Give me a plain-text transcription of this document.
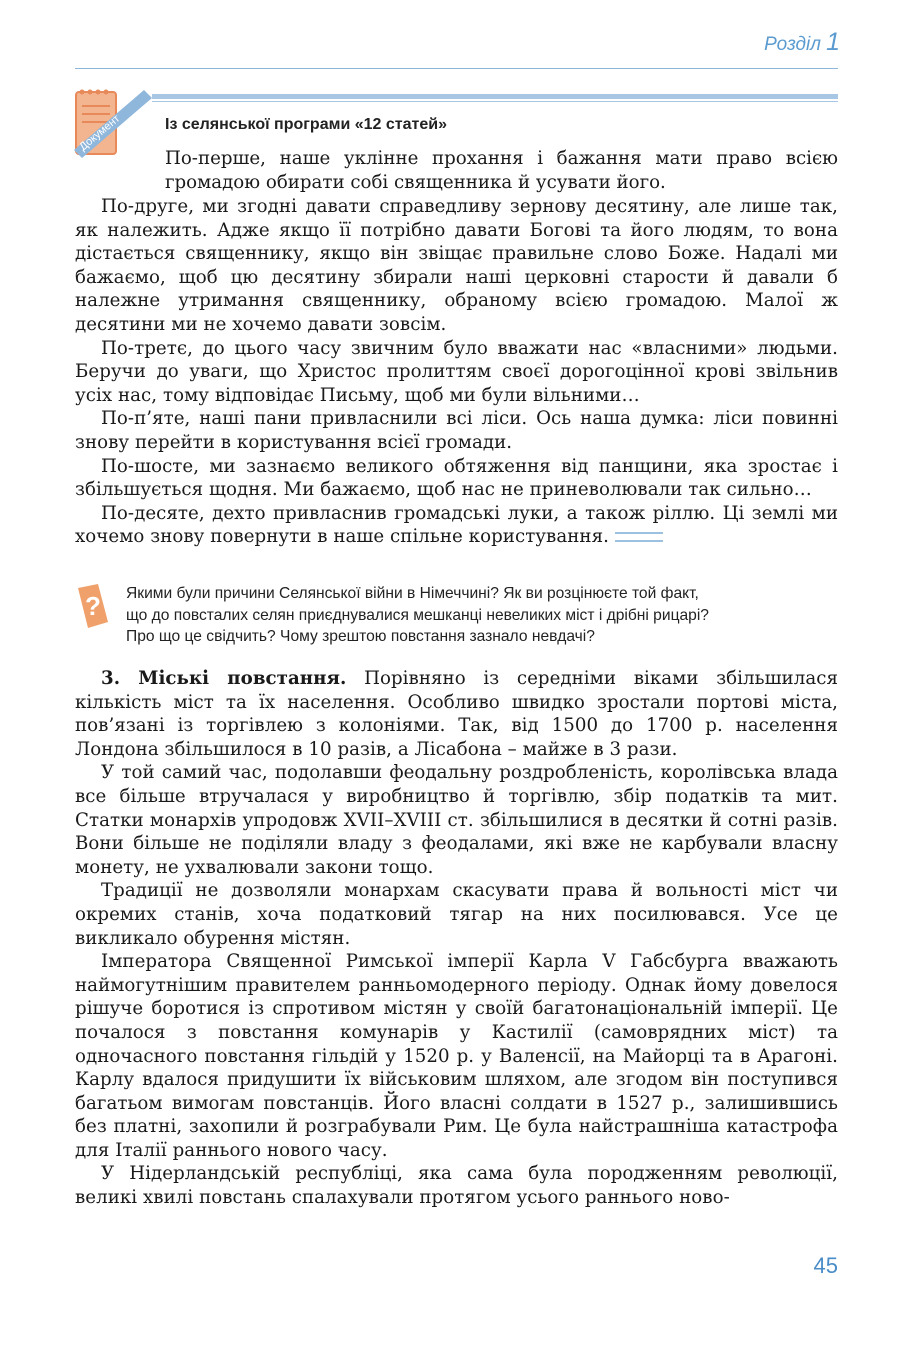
Розділ 1
Документ	Із селянської програми «12 статей»

По-перше, наше уклінне прохання і бажання мати право всією громадою обирати собі священника й усувати його.

По-друге, ми згодні давати справедливу зернову десятину, але лише так, як належить. Адже якщо її потрібно давати Богові та його людям, то вона дістається священнику, якщо він звіщає правильне слово Боже. Надалі ми бажаємо, щоб цю десятину збирали наші церковні старости й давали б належне утримання священнику, обраному всією громадою. Малої ж десятини ми не хочемо давати зовсім.

По-третє, до цього часу звичним було вважати нас «власними» людьми. Беручи до уваги, що Христос пролиттям своєї дорогоцінної крові звільнив усіх нас, тому відповідає Письму, щоб ми були вільними…

По-п’яте, наші пани привласнили всі ліси. Ось наша думка: ліси повинні знову перейти в користування всієї громади.

По-шосте, ми зазнаємо великого обтяження від панщини, яка зростає і збільшується щодня. Ми бажаємо, щоб нас не приневолювали так сильно…

По-десяте, дехто привласнив громадські луки, а також ріллю. Ці землі ми хочемо знову повернути в наше спільне користування.

? Якими були причини Селянської війни в Німеччині? Як ви розцінюєте той факт,

що до повсталих селян приєднувалися мешканці невеликих міст і дрібні рицарі?

Про що це свідчить? Чому зрештою повстання зазнало невдачі?

3. Міські повстання. Порівняно із середніми віками збільшилася кількість міст та їх населення. Особливо швидко зростали портові міста, пов’язані із торгівлею з колоніями. Так, від 1500 до 1700 р. населення Лондона збільшилося в 10 разів, а Лісабона – майже в 3 рази.

У той самий час, подолавши феодальну роздробленість, королівська влада все більше втручалася у виробництво й торгівлю, збір податків та мит. Статки монархів упродовж XVII–XVIII ст. збільшилися в десятки й сотні разів. Вони більше не поділяли владу з феодалами, які вже не карбували власну монету, не ухвалювали закони тощо.

Традиції не дозволяли монархам скасувати права й вольності міст чи окремих станів, хоча податковий тягар на них посилювався. Усе це викликало обурення містян.

Імператора Священної Римської імперії Карла V Габсбурга вважають наймогутнішим правителем ранньомодерного періоду. Однак йому довелося рішуче боротися із спротивом містян у своїй багатонаціональній імперії. Це почалося з повстання комунарів у Кастилії (самоврядних міст) та одночасного повстання гільдій у 1520 р. у Валенсії, на Майорці та в Арагоні. Карлу вдалося придушити їх військовим шляхом, але згодом він поступився багатьом вимогам повстанців. Його власні солдати в 1527 р., залишившись без платні, захопили й розграбували Рим. Це була найстрашніша катастрофа для Італії раннього нового часу.

У Нідерландській республіці, яка сама була породженням революції, великі хвилі повстань спалахували протягом усього раннього ново-

45
